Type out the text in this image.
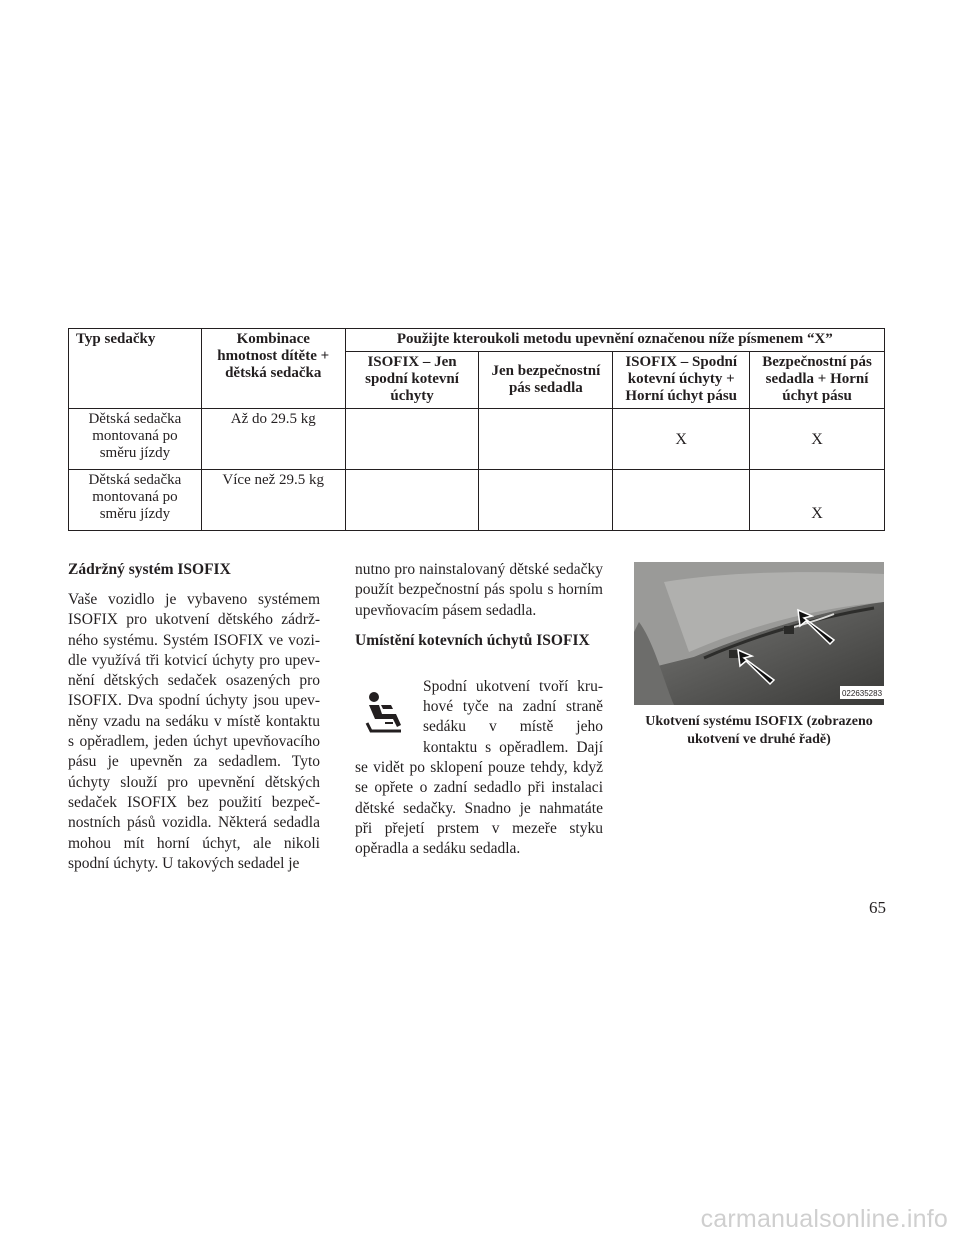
Typ sedačky	Kombinace hmotnost dítěte + dětská sedačka	Použijte kteroukoli metodu upevnění označenou níže písmenem “X”			
		ISOFIX – Jen spodní kotevní úchyty	Jen bezpečnostní pás sedadla	ISOFIX – Spodní kotevní úchyty + Horní úchyt pásu	Bezpečnostní pás sedadla + Horní úchyt pásu
Dětská sedačka montovaná po směru jízdy	Až do 29.5 kg			X	X
Dětská sedačka montovaná po směru jízdy	Více než 29.5 kg				X
Zádržný systém ISOFIX

Vaše vozidlo je vybaveno systémem ISOFIX pro ukotvení dětského zádrž- ného systému. Systém ISOFIX ve vozi- dle využívá tři kotvicí úchyty pro upev- nění dětských sedaček osazených pro ISOFIX. Dva spodní úchyty jsou upev- něny vzadu na sedáku v místě kontaktu s opěradlem, jeden úchyt upevňovacího pásu je upevněn za sedadlem. Tyto úchyty slouží pro upevnění dětských sedaček ISOFIX bez použití bezpeč- nostních pásů vozidla. Některá sedadla mohou mít horní úchyt, ale nikoli spodní úchyty. U takových sedadel je

nutno pro nainstalovaný dětské sedačky použít bezpečnostní pás spolu s horním upevňovacím pásem sedadla.

Umístění kotevních úchytů ISOFIX

Spodní ukotvení tvoří kru- hové tyče na zadní straně sedáku v místě jeho kontaktu s opěradlem. Dají se vidět po sklopení pouze tehdy, když se opřete o zadní sedadlo při instalaci dětské sedačky. Snadno je nahmatáte při přejetí prstem v mezeře styku opěradla a sedáku sedadla.

022635283
Ukotvení systému ISOFIX (zobrazeno ukotvení ve druhé řadě)
65
carmanualsonline.info
